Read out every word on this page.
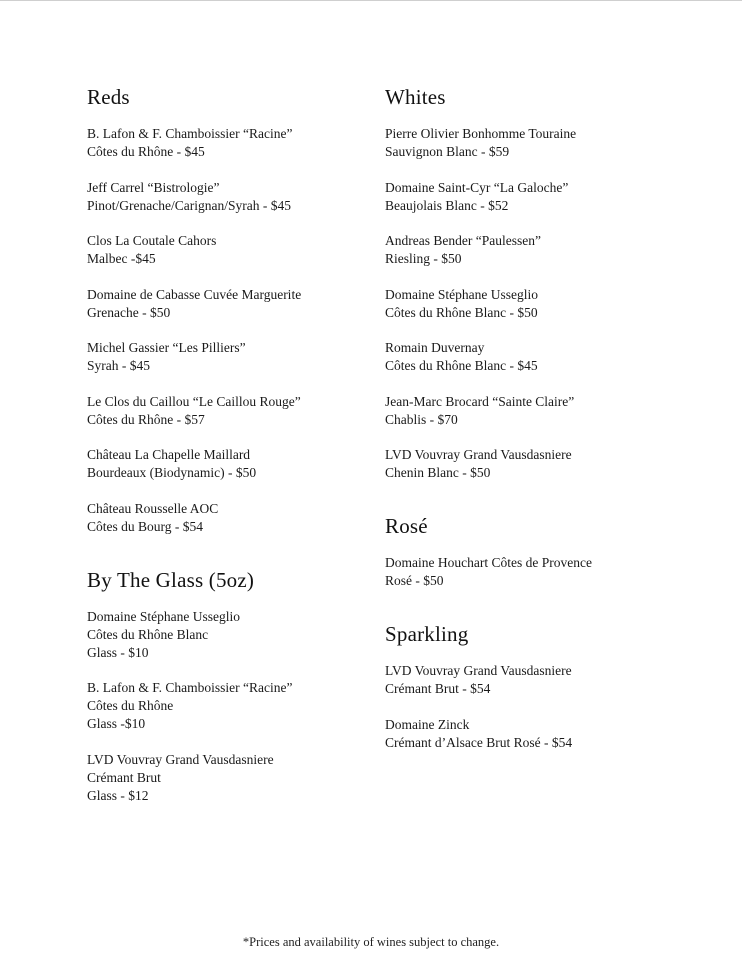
Reds
B. Lafon & F. Chamboissier “Racine”
Côtes du Rhône - $45
Jeff Carrel “Bistrologie”
Pinot/Grenache/Carignan/Syrah - $45
Clos La Coutale Cahors
Malbec -$45
Domaine de Cabasse Cuvée Marguerite
Grenache - $50
Michel Gassier “Les Pilliers”
Syrah - $45
Le Clos du Caillou “Le Caillou Rouge”
Côtes du Rhône - $57
Château La Chapelle Maillard
Bourdeaux (Biodynamic) - $50
Château Rousselle AOC
Côtes du Bourg - $54
By The Glass (5oz)
Domaine Stéphane Usseglio
Côtes du Rhône Blanc
Glass - $10
B. Lafon & F. Chamboissier “Racine”
Côtes du Rhône
Glass -$10
LVD Vouvray Grand Vausdasniere
Crémant Brut
Glass - $12
Whites
Pierre Olivier Bonhomme Touraine
Sauvignon Blanc - $59
Domaine Saint-Cyr “La Galoche”
Beaujolais Blanc - $52
Andreas Bender “Paulessen”
Riesling - $50
Domaine Stéphane Usseglio
Côtes du Rhône Blanc - $50
Romain Duvernay
Côtes du Rhône Blanc - $45
Jean-Marc Brocard “Sainte Claire”
Chablis - $70
LVD Vouvray Grand Vausdasniere
Chenin Blanc - $50
Rosé
Domaine Houchart Côtes de Provence
Rosé - $50
Sparkling
LVD Vouvray Grand Vausdasniere
Crémant Brut - $54
Domaine Zinck
Crémant d’Alsace Brut Rosé - $54
*Prices and availability of wines subject to change.
